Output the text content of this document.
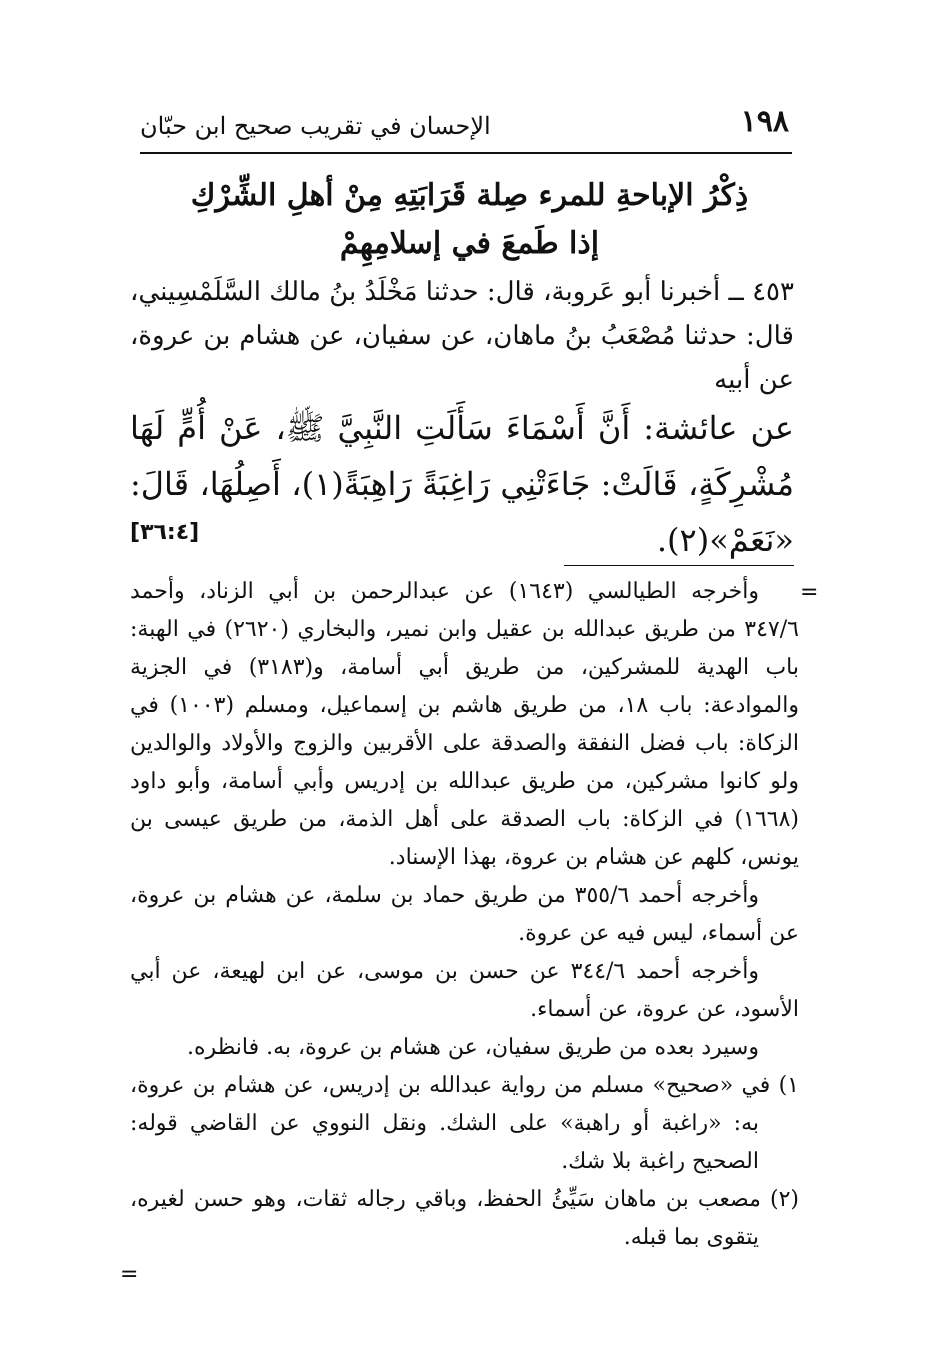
١٩٨
الإحسان في تقريب صحيح ابن حبّان
ذِكْرُ الإباحةِ للمرء صِلة قَرَابَتِهِ مِنْ أهلِ الشِّرْكِ
إذا طَمعَ في إسلامِهِمْ
٤٥٣ ــ أخبرنا أبو عَروبة، قال: حدثنا مَخْلَدُ بنُ مالك السَّلَمْسِيني، قال: حدثنا مُصْعَبُ بنُ ماهان، عن سفيان، عن هشام بن عروة، عن أبيه
عن عائشة: أَنَّ أَسْمَاءَ سَأَلَتِ النَّبِيَّ ﷺ، عَنْ أُمٍّ لَهَا مُشْرِكَةٍ، قَالَتْ: جَاءَتْنِي رَاغِبَةً رَاهِبَةً(١)، أَصِلُهَا، قَالَ: «نَعَمْ»(٢).
[٣٦:٤]
=

وأخرجه الطيالسي (١٦٤٣) عن عبدالرحمن بن أبي الزناد، وأحمد ٣٤٧/٦ من طريق عبدالله بن عقيل وابن نمير، والبخاري (٢٦٢٠) في الهبة: باب الهدية للمشركين، من طريق أبي أسامة، و(٣١٨٣) في الجزية والموادعة: باب ١٨، من طريق هاشم بن إسماعيل، ومسلم (١٠٠٣) في الزكاة: باب فضل النفقة والصدقة على الأقربين والزوج والأولاد والوالدين ولو كانوا مشركين، من طريق عبدالله بن إدريس وأبي أسامة، وأبو داود (١٦٦٨) في الزكاة: باب الصدقة على أهل الذمة، من طريق عيسى بن يونس، كلهم عن هشام بن عروة، بهذا الإسناد.

وأخرجه أحمد ٣٥٥/٦ من طريق حماد بن سلمة، عن هشام بن عروة، عن أسماء، ليس فيه عن عروة.

وأخرجه أحمد ٣٤٤/٦ عن حسن بن موسى، عن ابن لهيعة، عن أبي الأسود، عن عروة، عن أسماء.

وسيرد بعده من طريق سفيان، عن هشام بن عروة، به. فانظره.

١) في «صحيح» مسلم من رواية عبدالله بن إدريس، عن هشام بن عروة، به: «راغبة أو راهبة» على الشك. ونقل النووي عن القاضي قوله: الصحيح راغبة بلا شك.

(٢) مصعب بن ماهان سَيِّئُ الحفظ، وباقي رجاله ثقات، وهو حسن لغيره، يتقوى بما قبله.

=
